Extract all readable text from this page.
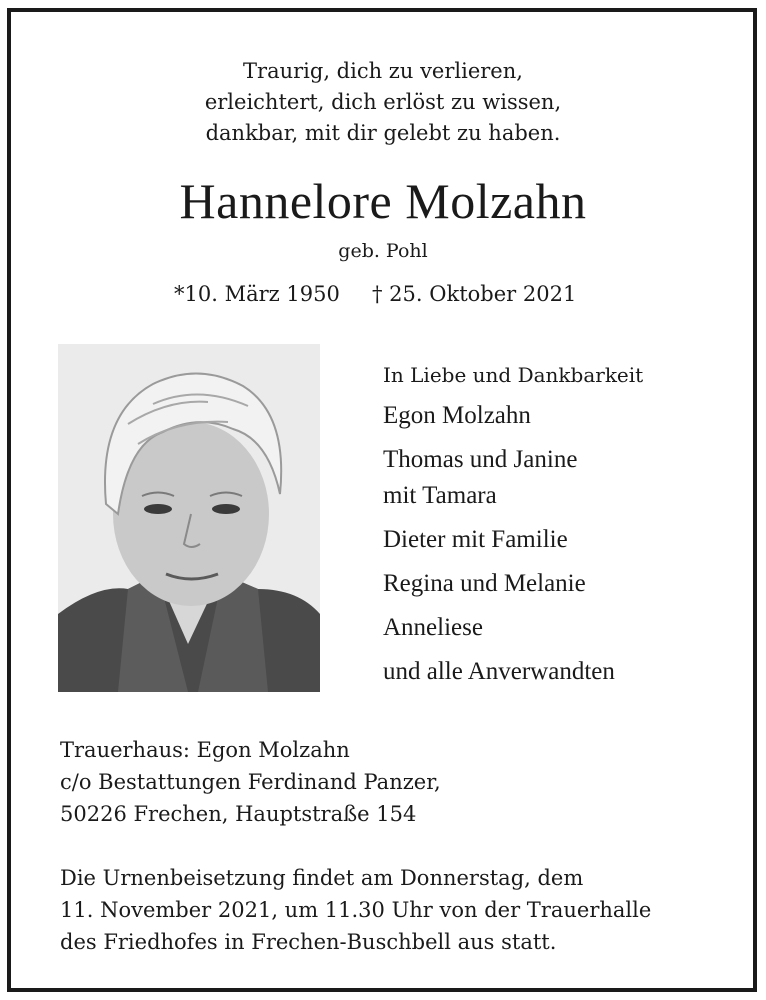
Traurig, dich zu verlieren,
erleichtert, dich erlöst zu wissen,
dankbar, mit dir gelebt zu haben.
Hannelore Molzahn
geb. Pohl
*10. März 1950 † 25. Oktober 2021
In Liebe und Dankbarkeit
Egon Molzahn
Thomas und Janine
mit Tamara
Dieter mit Familie
Regina und Melanie
Anneliese
und alle Anverwandten
Trauerhaus: Egon Molzahn
c/o Bestattungen Ferdinand Panzer,
50226 Frechen, Hauptstraße 154
Die Urnenbeisetzung findet am Donnerstag, dem
11. November 2021, um 11.30 Uhr von der Trauerhalle
des Friedhofes in Frechen-Buschbell aus statt.
